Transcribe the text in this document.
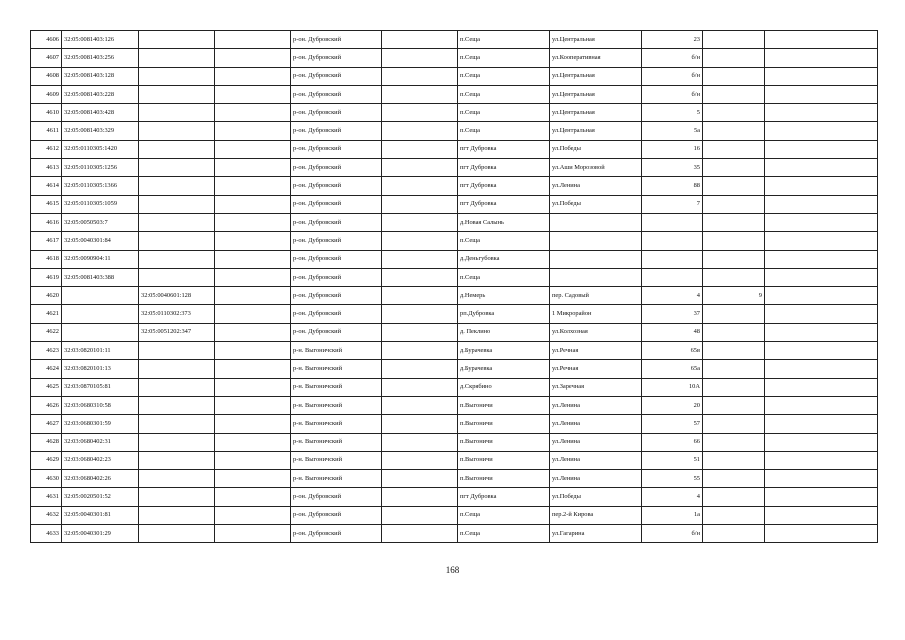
4606	32:05:0081403:126			р-он. Дубровский		п.Сеща	ул.Центральная	23		
4607	32:05:0081403:256			р-он. Дубровский		п.Сеща	ул.Кооперативная	б/н		
4608	32:05:0081403:128			р-он. Дубровский		п.Сеща	ул.Центральная	б/н		
4609	32:05:0081403:228			р-он. Дубровский		п.Сеща	ул.Центральная	б/н		
4610	32:05:0081403:428			р-он. Дубровский		п.Сеща	ул.Центральная	5		
4611	32:05:0081403:329			р-он. Дубровский		п.Сеща	ул.Центральная	5а		
4612	32:05:0110305:1420			р-он. Дубровский		пгт Дубровка	ул.Победы	16		
4613	32:05:0110305:1256			р-он. Дубровский		пгт Дубровка	ул.Аши Морозовой	35		
4614	32:05:0110305:1366			р-он. Дубровский		пгт Дубровка	ул.Ленина	88		
4615	32:05:0110305:1059			р-он. Дубровский		пгт Дубровка	ул.Победы	7		
4616	32:05:0050503:7			р-он. Дубровский		д.Новая Салынь				
4617	32:05:0040301:84			р-он. Дубровский		п.Сеща				
4618	32:05:0090904:11			р-он. Дубровский		д.Деньгубовка				
4619	32:05:0081403:388			р-он. Дубровский		п.Сеща				
4620		32:05:0040601:128		р-он. Дубровский		д.Немерь	пер. Садовый	4	9	
4621		32:05:0110302:373		р-он. Дубровский		рп.Дубровка	1 Микрорайон	37		
4622		32:05:0051202:347		р-он. Дубровский		д. Пеклино	ул.Колхозная	48		
4623	32:03:0820101:11			р-н. Выгоничский		д.Бурачевка	ул.Речная	65в		
4624	32:03:0820101:13			р-н. Выгоничский		д.Бурачевка	ул.Речная	65а		
4625	32:03:0870105:81			р-н. Выгоничский		д.Скрябино	ул.Заречная	10А		
4626	32:03:0680310:58			р-н. Выгоничский		п.Выгоничи	ул.Ленина	20		
4627	32:03:0680301:59			р-н. Выгоничский		п.Выгоничи	ул.Ленина	57		
4628	32:03:0680402:31			р-н. Выгоничский		п.Выгоничи	ул.Ленина	66		
4629	32:03:0680402:23			р-н. Выгоничский		п.Выгоничи	ул.Ленина	51		
4630	32:03:0680402:26			р-н. Выгоничский		п.Выгоничи	ул.Ленина	55		
4631	32:05:0020501:52			р-он. Дубровский		пгт Дубровка	ул.Победы	4		
4632	32:05:0040301:81			р-он. Дубровский		п.Сеща	пер.2-й Кирова	1а		
4633	32:05:0040301:29			р-он. Дубровский		п.Сеща	ул.Гагарина	б/н		
168
